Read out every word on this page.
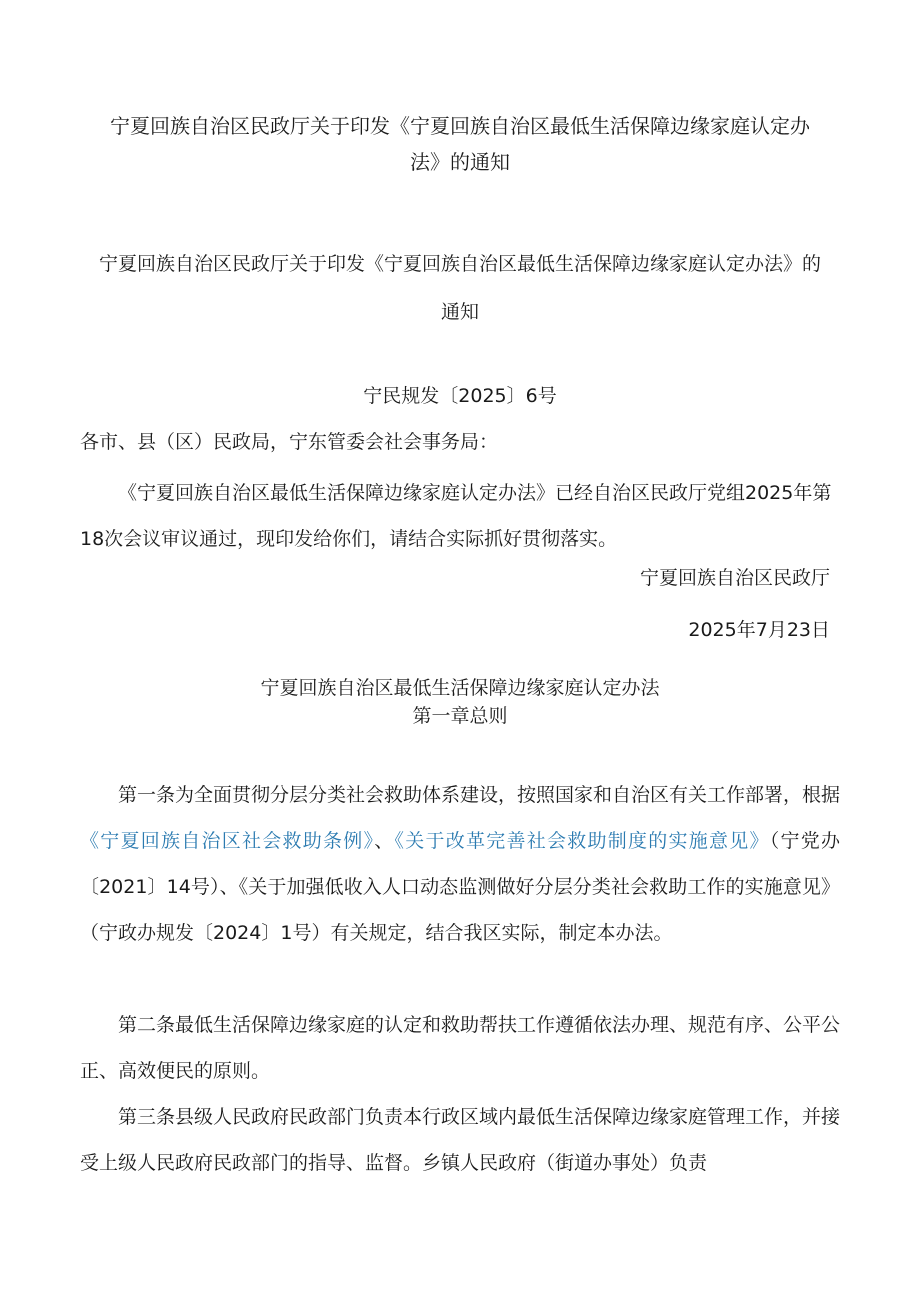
宁夏回族自治区民政厅关于印发《宁夏回族自治区最低生活保障边缘家庭认定办法》的通知
宁夏回族自治区民政厅关于印发《宁夏回族自治区最低生活保障边缘家庭认定办法》的通知
宁民规发〔2025〕6号
各市、县（区）民政局，宁东管委会社会事务局：

《宁夏回族自治区最低生活保障边缘家庭认定办法》已经自治区民政厅党组2025年第18次会议审议通过，现印发给你们，请结合实际抓好贯彻落实。

宁夏回族自治区民政厅
2025年7月23日
宁夏回族自治区最低生活保障边缘家庭认定办法
第一章总则

第一条为全面贯彻分层分类社会救助体系建设，按照国家和自治区有关工作部署，根据《宁夏回族自治区社会救助条例》、《关于改革完善社会救助制度的实施意见》（宁党办〔2021〕14号）、《关于加强低收入人口动态监测做好分层分类社会救助工作的实施意见》（宁政办规发〔2024〕1号）有关规定，结合我区实际，制定本办法。

第二条最低生活保障边缘家庭的认定和救助帮扶工作遵循依法办理、规范有序、公平公正、高效便民的原则。

第三条县级人民政府民政部门负责本行政区域内最低生活保障边缘家庭管理工作，并接受上级人民政府民政部门的指导、监督。乡镇人民政府（街道办事处）负责
